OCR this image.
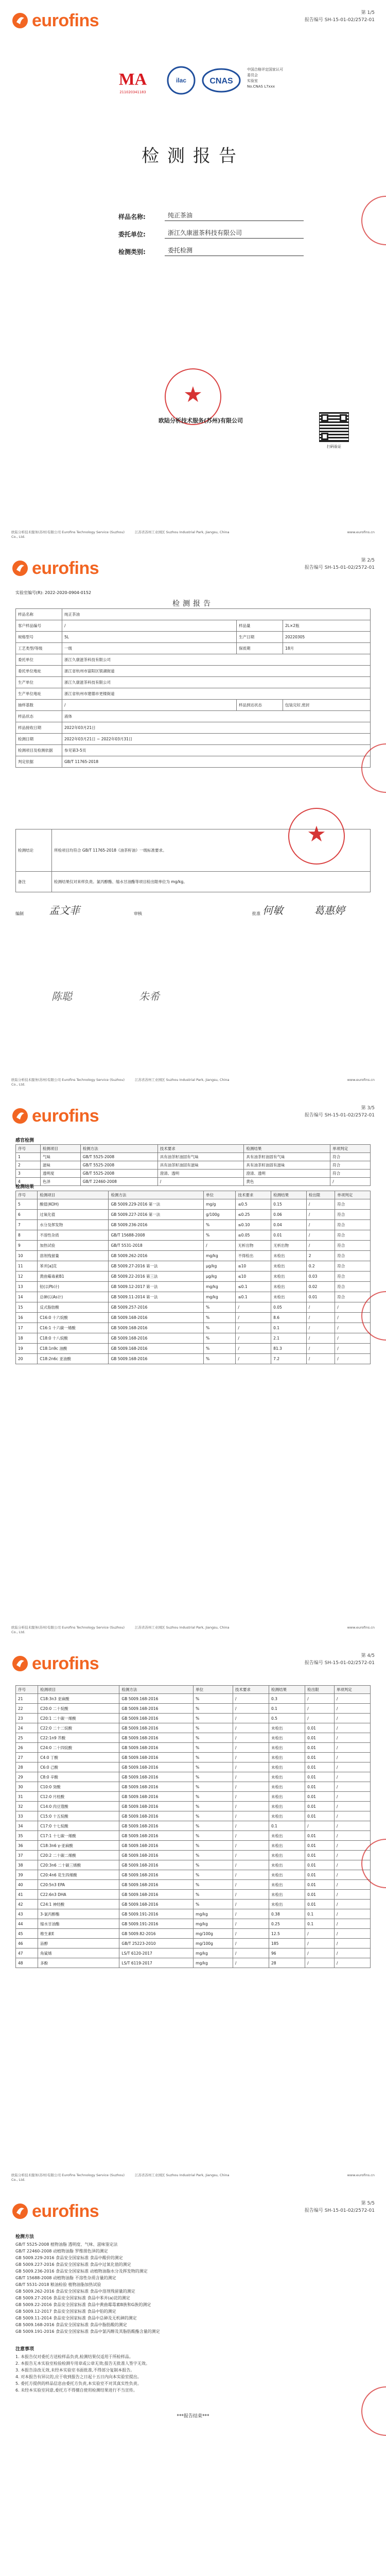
eurofins	第 1/5
报告编号 SH-15-01-02/2572-01
MA
211020341183
ilac	CNAS
中国合格评定国家认可委员会
实验室
No.CNAS L7xxx
检测报告
样品名称:	纯正茶油
委托单位:	浙江久康滋茶科技有限公司
检测类别:	委托检测
★
欧陆分析技术服务(苏州)有限公司
扫码验证
欧陆分析技术服务(苏州)有限公司 Eurofins Technology Service (Suzhou) Co., Ltd.
江苏省苏州工业园区 Suzhou Industrial Park, Jiangsu, China	www.eurofins.cn
eurofins	第 2/5
报告编号 SH-15-01-02/2572-01
实验室编号(R): 2022-2020-0904-0152
检测报告
样品名称	纯正茶油		
客户样品编号	/	样品量	2L×2瓶
规格型号	5L	生产日期	20220305
工艺类型/等级	一级	保质期	18月
委托单位	浙江久康滋茶科技有限公司		
委托单位地址	浙江省杭州市富阳区银湖街道		
生产单位	浙江久康滋茶科技有限公司		
生产单位地址	浙江省杭州市建德市更楼街道		
抽样基数	/	样品到达状态	包装完好,密封
样品状态	液体		
样品接收日期	2022年03月21日		
检测日期	2022年03月21日 ~ 2022年03月31日		
检测项目及检测依据	参见第3-5页		
判定依据	GB/T 11765-2018		
检测结论	所检项目均符合 GB/T 11765-2018《油茶籽油》一级标准要求。
备注	检测结果仅对来样负责。氯丙醇酯、缩水甘油酯等项目检出限单位为 mg/kg。
★
编制	审核	批准
孟文菲	何敏	葛惠婷
陈聪	朱希
欧陆分析技术服务(苏州)有限公司 Eurofins Technology Service (Suzhou) Co., Ltd.
江苏省苏州工业园区 Suzhou Industrial Park, Jiangsu, China	www.eurofins.cn
eurofins	第 3/5
报告编号 SH-15-01-02/2572-01
感官检测
序号	检测项目	检测方法	技术要求	检测结果	单项判定
1	气味	GB/T 5525-2008	具有油茶籽油固有气味	具有油茶籽油固有气味	符合
2	滋味	GB/T 5525-2008	具有油茶籽油固有滋味	具有油茶籽油固有滋味	符合
3	透明度	GB/T 5525-2008	澄清、透明	澄清、透明	符合
4	色泽	GB/T 22460-2008	/	黄色	/
检测结果
序号	检测项目	检测方法	单位	技术要求	检测结果	检出限	单项判定
5	酸值(KOH)	GB 5009.229-2016 第一法	mg/g	≤0.5	0.15	/	符合
6	过氧化值	GB 5009.227-2016 第一法	g/100g	≤0.25	0.06	/	符合
7	水分及挥发物	GB 5009.236-2016	%	≤0.10	0.04	/	符合
8	不溶性杂质	GB/T 15688-2008	%	≤0.05	0.01	/	符合
9	加热试验	GB/T 5531-2018	/	无析出物	无析出物	/	符合
10	溶剂残留量	GB 5009.262-2016	mg/kg	不得检出	未检出	2	符合
11	苯并[a]芘	GB 5009.27-2016 第一法	μg/kg	≤10	未检出	0.2	符合
12	黄曲霉毒素B1	GB 5009.22-2016 第三法	μg/kg	≤10	未检出	0.03	符合
13	铅(以Pb计)	GB 5009.12-2017 第一法	mg/kg	≤0.1	未检出	0.02	符合
14	总砷(以As计)	GB 5009.11-2014 第一法	mg/kg	≤0.1	未检出	0.01	符合
15	反式脂肪酸	GB 5009.257-2016	%	/	0.05	/	/
16	C16:0 十六烷酸	GB 5009.168-2016	%	/	8.6	/	/
17	C16:1 十六碳一烯酸	GB 5009.168-2016	%	/	0.1	/	/
18	C18:0 十八烷酸	GB 5009.168-2016	%	/	2.1	/	/
19	C18:1n9c 油酸	GB 5009.168-2016	%	/	81.3	/	/
20	C18:2n6c 亚油酸	GB 5009.168-2016	%	/	7.2	/	/
欧陆分析技术服务(苏州)有限公司 Eurofins Technology Service (Suzhou) Co., Ltd.
江苏省苏州工业园区 Suzhou Industrial Park, Jiangsu, China	www.eurofins.cn
eurofins	第 4/5
报告编号 SH-15-01-02/2572-01
序号	检测项目	检测方法	单位	技术要求	检测结果	检出限	单项判定
21	C18:3n3 亚麻酸	GB 5009.168-2016	%	/	0.3	/	/
22	C20:0 二十烷酸	GB 5009.168-2016	%	/	0.1	/	/
23	C20:1 二十碳一烯酸	GB 5009.168-2016	%	/	0.5	/	/
24	C22:0 二十二烷酸	GB 5009.168-2016	%	/	未检出	0.01	/
25	C22:1n9 芥酸	GB 5009.168-2016	%	/	未检出	0.01	/
26	C24:0 二十四烷酸	GB 5009.168-2016	%	/	未检出	0.01	/
27	C4:0 丁酸	GB 5009.168-2016	%	/	未检出	0.01	/
28	C6:0 己酸	GB 5009.168-2016	%	/	未检出	0.01	/
29	C8:0 辛酸	GB 5009.168-2016	%	/	未检出	0.01	/
30	C10:0 癸酸	GB 5009.168-2016	%	/	未检出	0.01	/
31	C12:0 月桂酸	GB 5009.168-2016	%	/	未检出	0.01	/
32	C14:0 肉豆蔻酸	GB 5009.168-2016	%	/	未检出	0.01	/
33	C15:0 十五烷酸	GB 5009.168-2016	%	/	未检出	0.01	/
34	C17:0 十七烷酸	GB 5009.168-2016	%	/	0.1	/	/
35	C17:1 十七碳一烯酸	GB 5009.168-2016	%	/	未检出	0.01	/
36	C18:3n6 γ-亚麻酸	GB 5009.168-2016	%	/	未检出	0.01	/
37	C20:2 二十碳二烯酸	GB 5009.168-2016	%	/	未检出	0.01	/
38	C20:3n6 二十碳三烯酸	GB 5009.168-2016	%	/	未检出	0.01	/
39	C20:4n6 花生四烯酸	GB 5009.168-2016	%	/	未检出	0.01	/
40	C20:5n3 EPA	GB 5009.168-2016	%	/	未检出	0.01	/
41	C22:6n3 DHA	GB 5009.168-2016	%	/	未检出	0.01	/
42	C24:1 神经酸	GB 5009.168-2016	%	/	未检出	0.01	/
43	3-氯丙醇酯	GB 5009.191-2016	mg/kg	/	0.38	0.1	/
44	缩水甘油酯	GB 5009.191-2016	mg/kg	/	0.25	0.1	/
45	维生素E	GB 5009.82-2016	mg/100g	/	12.5	/	/
46	甾醇	GB/T 25223-2010	mg/100g	/	185	/	/
47	角鲨烯	LS/T 6120-2017	mg/kg	/	96	/	/
48	多酚	LS/T 6119-2017	mg/kg	/	28	/	/
欧陆分析技术服务(苏州)有限公司 Eurofins Technology Service (Suzhou) Co., Ltd.
江苏省苏州工业园区 Suzhou Industrial Park, Jiangsu, China	www.eurofins.cn
eurofins	第 5/5
报告编号 SH-15-01-02/2572-01
检测方法
GB/T 5525-2008 植物油脂 透明度、气味、滋味鉴定法
GB/T 22460-2008 动植物油脂 罗维朋色泽的测定
GB 5009.229-2016 食品安全国家标准 食品中酸价的测定
GB 5009.227-2016 食品安全国家标准 食品中过氧化值的测定
GB 5009.236-2016 食品安全国家标准 动植物油脂水分及挥发物的测定
GB/T 15688-2008 动植物油脂 不溶性杂质含量的测定
GB/T 5531-2018 粮油检验 植物油脂加热试验
GB 5009.262-2016 食品安全国家标准 食品中溶剂残留量的测定
GB 5009.27-2016 食品安全国家标准 食品中苯并(a)芘的测定
GB 5009.22-2016 食品安全国家标准 食品中黄曲霉毒素B族和G族的测定
GB 5009.12-2017 食品安全国家标准 食品中铅的测定
GB 5009.11-2014 食品安全国家标准 食品中总砷及无机砷的测定
GB 5009.168-2016 食品安全国家标准 食品中脂肪酸的测定
GB 5009.191-2016 食品安全国家标准 食品中氯丙醇及其脂肪酸酯含量的测定
注意事项
1. 本报告仅对委托方送检样品负责,检测结果仅适用于所检样品。
2. 本报告无本实验室检验检测专用章或公章无效;报告无批准人签字无效。
3. 本报告涂改无效,未经本实验室书面批准,不得部分复制本报告。
4. 对本报告有异议的,应于收到报告之日起十五日内向本实验室提出。
5. 委托方提供的样品信息由委托方负责,本实验室不对其真实性负责。
6. 未经本实验室同意,委托方不得擅自使用检测结果进行不当宣传。
***报告结束***
